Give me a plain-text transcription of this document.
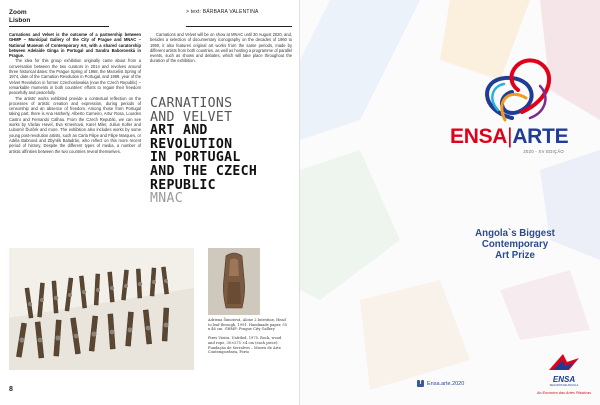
Zoom
Lisbon
> text: BÁRBARA VALENTINA

Carnations and Velvet is the outcome of a partnership between GHMP – Municipal Gallery of the City of Prague and MNAC – National Museum of Contemporary Art, with a shared curatorship between Adelaide Ginga in Portugal and Sandra Baborovská in Prague.

The idea for this group exhibition originally came about from a conversation between the two curators in 2014 and revolves around three historical dates: the Prague Spring of 1968, the Marcelist Spring of 1974, date of the Carnation Revolution in Portugal, and 1989, year of the Velvet Revolution in former Czechoslovakia (now the Czech Republic) – remarkable moments in both countries' efforts to regain their freedom peacefully and peacefully.

The artists' works exhibited provide a contextual reflection on the processes of artistic creation and expression, during periods of censorship and an absence of freedom. Among those from Portugal taking part, there is Ana Hatherly, Alberto Carneiro, Artur Rosa, Lourdes Castro and Fernando Calhau. From the Czech Republic, we can see works by Václav Havel, Eva Kmentová, Karel Miler, Julius Koller and Lubomír Ďurček and more. The exhibition also includes works by some young post-revolution artists, such as Carla Filipe and Filipe Marques, or Adéla Babnová and Zbyněk Baladrán, who reflect on this more recent period of history. Despite the different types of media, a number of artistic affinities between the two countries reveal themselves.

Carnations and Velvet will be on show at MNAC until 30 August 2020, and, besides a selection of documentary iconography on the decades of 1960 to 1990, it also features original art works from the same periods, made by different artists from both countries, as well as hosting a programme of parallel events, such as shows and debates, which will take place throughout the duration of the exhibition.

CARNATIONS
AND VELVET
ART AND
REVOLUTION
IN PORTUGAL
AND THE CZECH
REPUBLIC
MNAC

Adriena Šimotová, Alone 2 Intestine, Head to leaf through, 1991. Handmade paper, 55 x 46 cm. GHMP: Prague City Gallery

Pires Vieira. Untitled, 1975. Rock, wood and rope, 30×275 ×4 cm (each piece). Fundação de Serralves – Museu de Arte Contemporânea, Porto

8
ENSA|ARTE
2020 - XV EDIÇÃO
Angola`s Biggest
Contemporary
Art Prize
f	Ensa.arte.2020	ENSA
SEGUROS DE ANGOLA
Ao Encontro das Artes Plásticas
